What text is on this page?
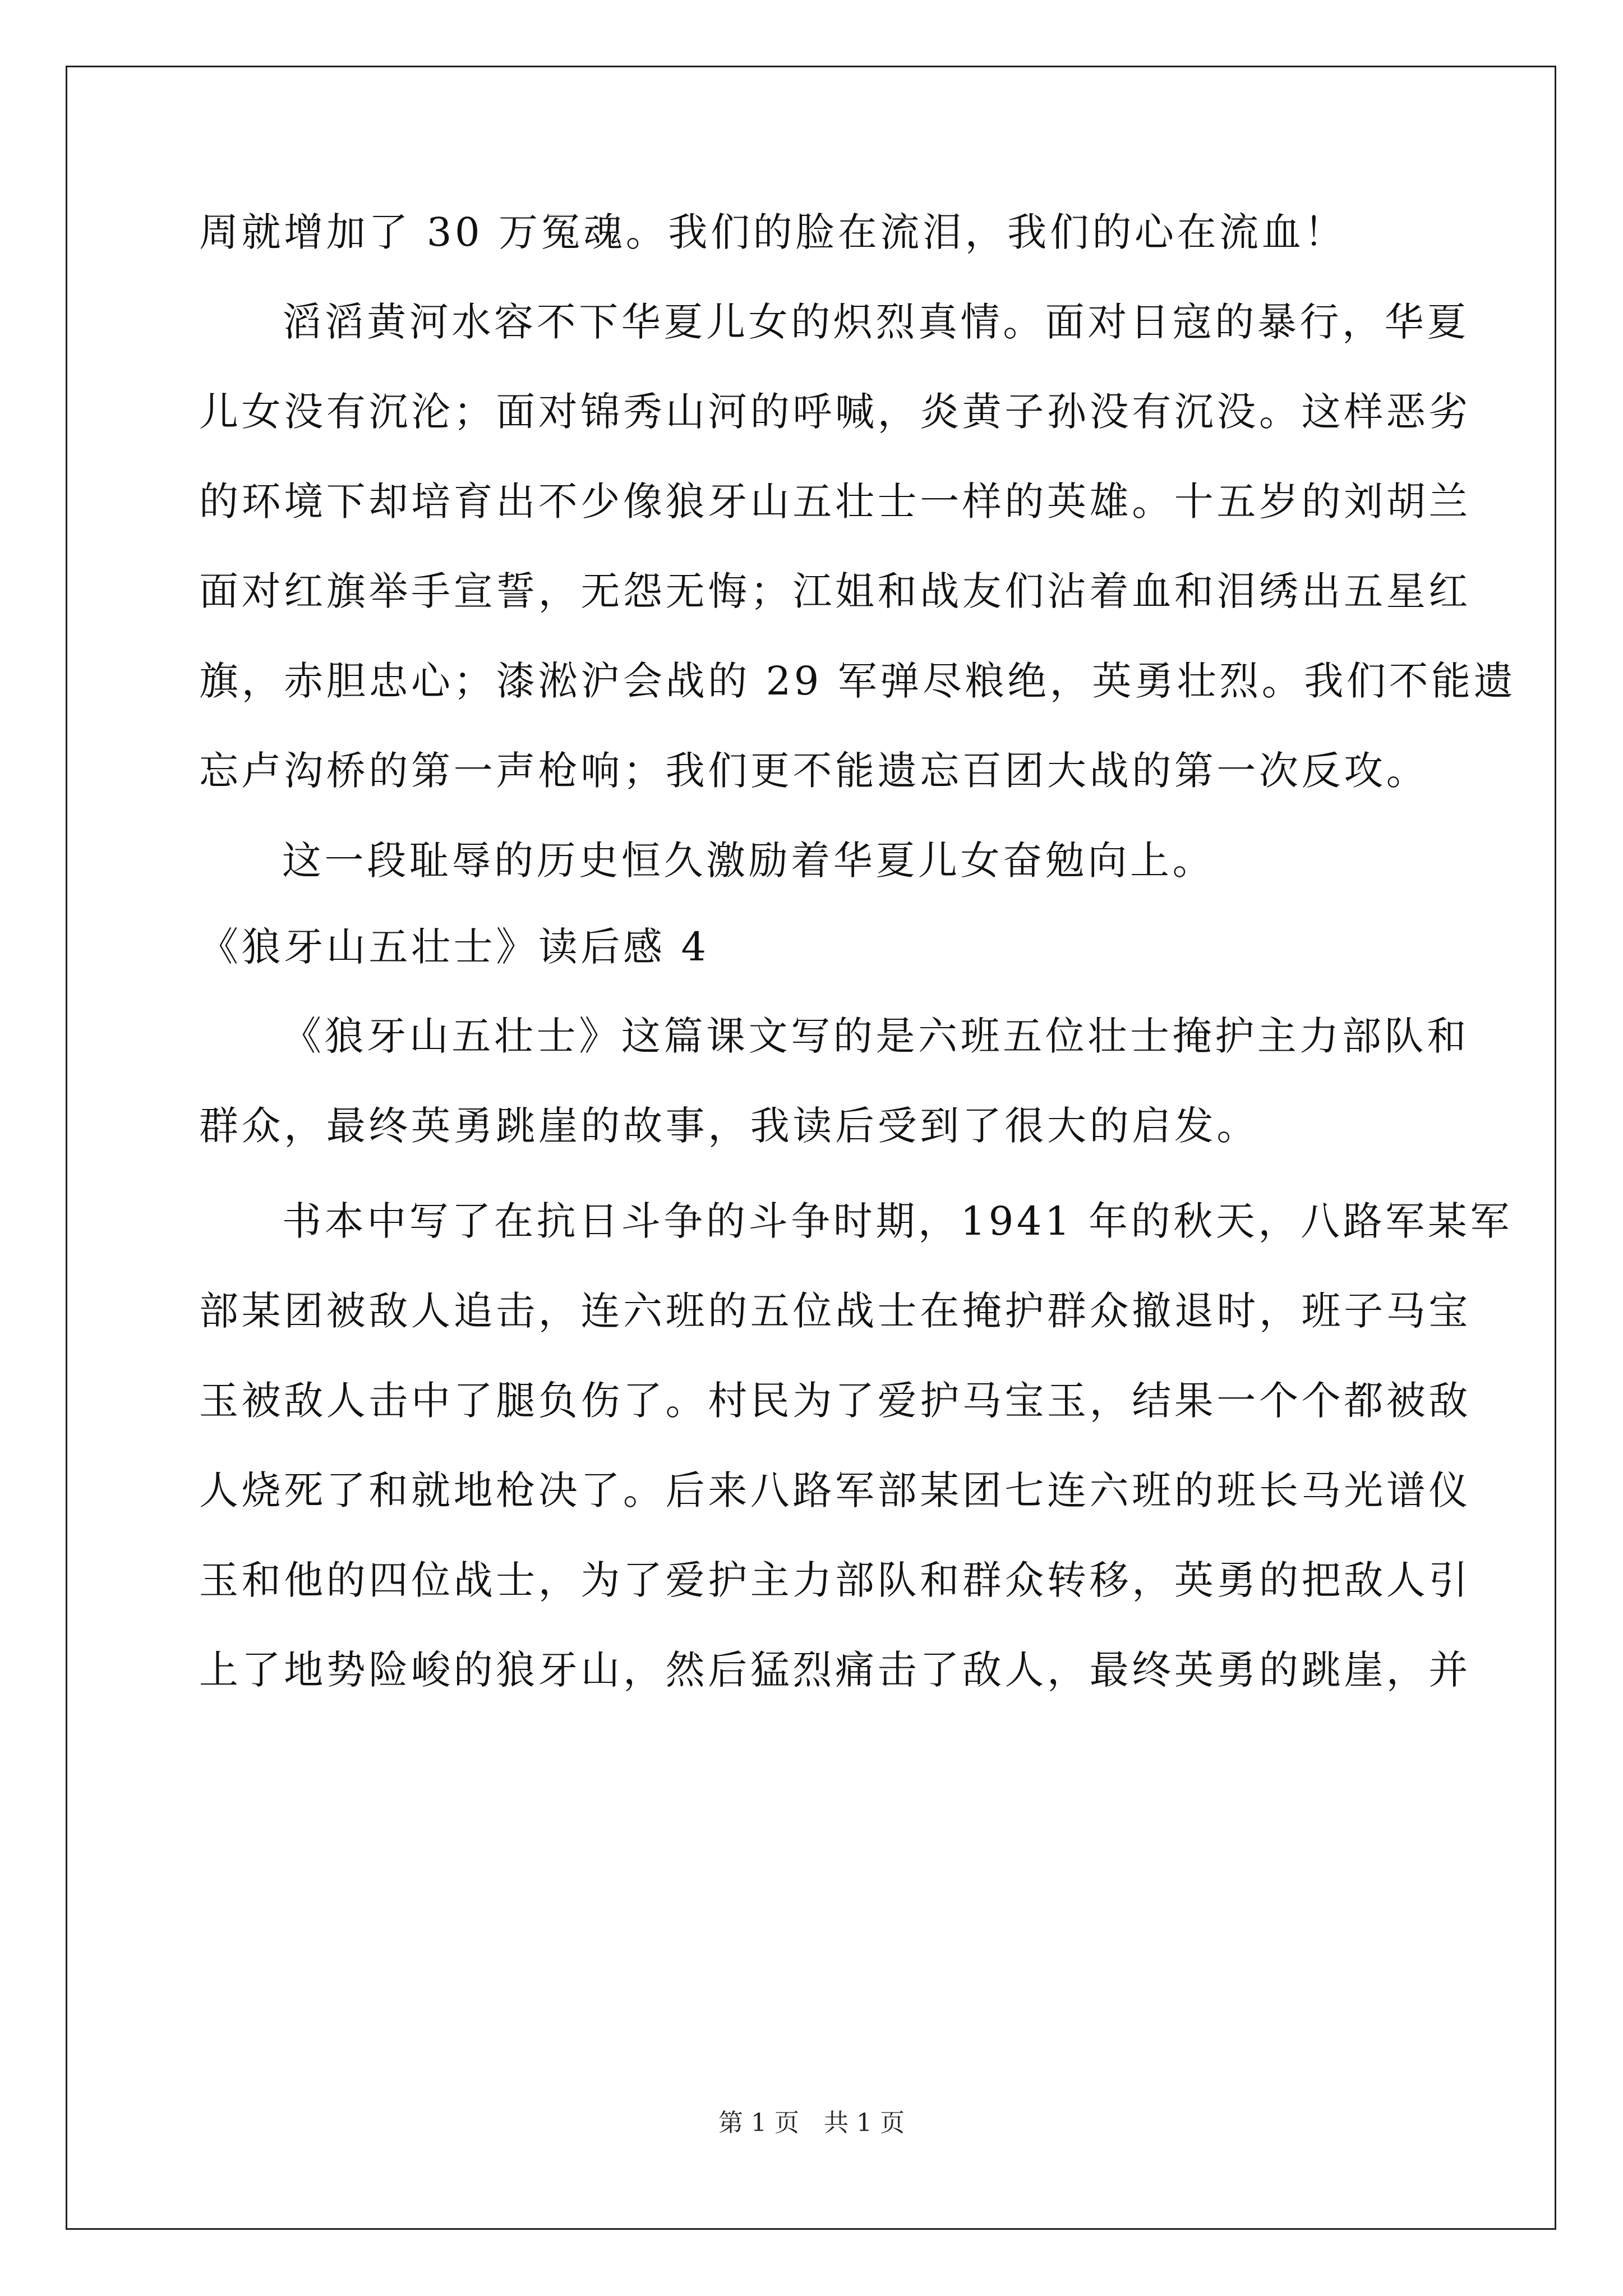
周就增加了 30 万冤魂。我们的脸在流泪，我们的心在流血！
滔滔黄河水容不下华夏儿女的炽烈真情。面对日寇的暴行，华夏
儿女没有沉沦；面对锦秀山河的呼喊，炎黄子孙没有沉没。这样恶劣
的环境下却培育出不少像狼牙山五壮士一样的英雄。十五岁的刘胡兰
面对红旗举手宣誓，无怨无悔；江姐和战友们沾着血和泪绣出五星红
旗，赤胆忠心；漆淞沪会战的 29 军弹尽粮绝，英勇壮烈。我们不能遗
忘卢沟桥的第一声枪响；我们更不能遗忘百团大战的第一次反攻。
这一段耻辱的历史恒久激励着华夏儿女奋勉向上。
《狼牙山五壮士》读后感 4
《狼牙山五壮士》这篇课文写的是六班五位壮士掩护主力部队和
群众，最终英勇跳崖的故事，我读后受到了很大的启发。
书本中写了在抗日斗争的斗争时期，1941 年的秋天，八路军某军
部某团被敌人追击，连六班的五位战士在掩护群众撤退时，班子马宝
玉被敌人击中了腿负伤了。村民为了爱护马宝玉，结果一个个都被敌
人烧死了和就地枪决了。后来八路军部某团七连六班的班长马光谱仪
玉和他的四位战士，为了爱护主力部队和群众转移，英勇的把敌人引
上了地势险峻的狼牙山，然后猛烈痛击了敌人，最终英勇的跳崖，并
第 1 页 共 1 页
